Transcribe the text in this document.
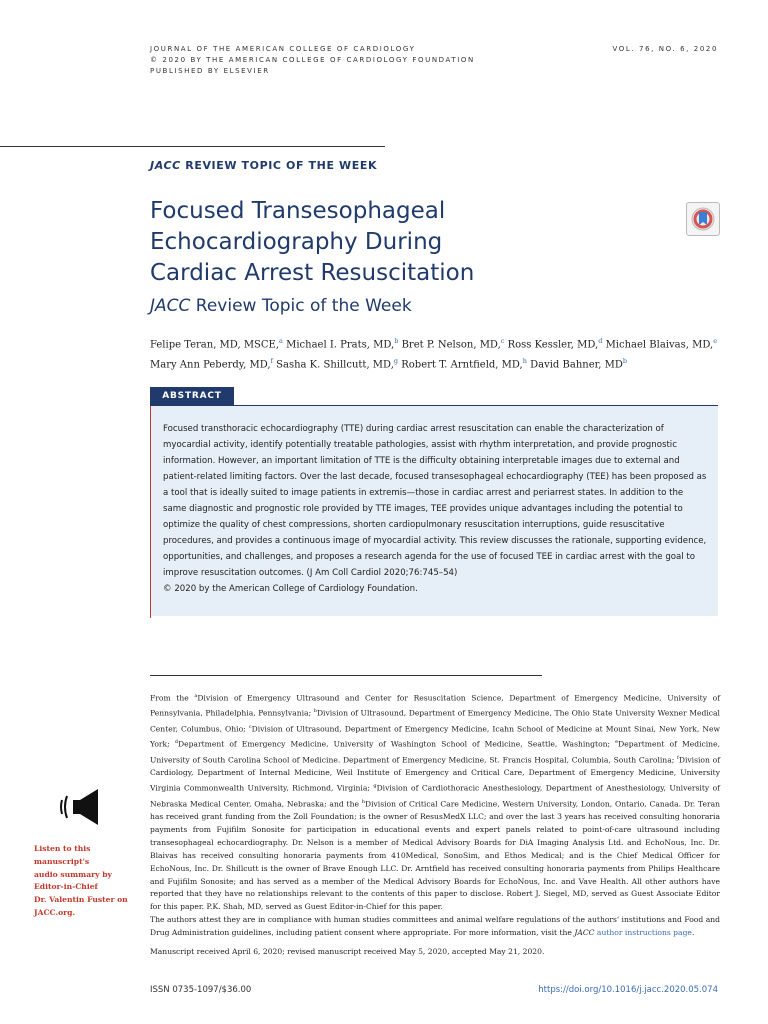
JOURNAL OF THE AMERICAN COLLEGE OF CARDIOLOGY
© 2020 BY THE AMERICAN COLLEGE OF CARDIOLOGY FOUNDATION
PUBLISHED BY ELSEVIER
VOL. 76, NO. 6, 2020
JACC REVIEW TOPIC OF THE WEEK
Focused Transesophageal
Echocardiography During
Cardiac Arrest Resuscitation
JACC Review Topic of the Week
Felipe Teran, MD, MSCE,$^a$ Michael I. Prats, MD,$^b$ Bret P. Nelson, MD,$^c$ Ross Kessler, MD,$^d$ Michael Blaivas, MD,$^e$
Mary Ann Peberdy, MD,$^f$ Sasha K. Shillcutt, MD,$^g$ Robert T. Arntfield, MD,$^h$ David Bahner, $MD^b$
ABSTRACT

Focused transthoracic echocardiography (TTE) during cardiac arrest resuscitation can enable the characterization of myocardial activity, identify potentially treatable pathologies, assist with rhythm interpretation, and provide prognostic information. However, an important limitation of TTE is the difficulty obtaining interpretable images due to external and patient-related limiting factors. Over the last decade, focused transesophageal echocardiography (TEE) has been proposed as a tool that is ideally suited to image patients in extremis—those in cardiac arrest and periarrest states. In addition to the same diagnostic and prognostic role provided by TTE images, TEE provides unique advantages including the potential to optimize the quality of chest compressions, shorten cardiopulmonary resuscitation interruptions, guide resuscitative procedures, and provides a continuous image of myocardial activity. This review discusses the rationale, supporting evidence, opportunities, and challenges, and proposes a research agenda for the use of focused TEE in cardiac arrest with the goal to improve resuscitation outcomes. (J Am Coll Cardiol 2020;76:745–54)

© 2020 by the American College of Cardiology Foundation.

From the $^a$Division of Emergency Ultrasound and Center for Resuscitation Science, Department of Emergency Medicine, University of Pennsylvania, Philadelphia, Pennsylvania; $^b$Division of Ultrasound, Department of Emergency Medicine, The Ohio State University Wexner Medical Center, Columbus, Ohio; $^c$Division of Ultrasound, Department of Emergency Medicine, Icahn School of Medicine at Mount Sinai, New York, New York; $^d$Department of Emergency Medicine, University of Washington School of Medicine, Seattle, Washington; $^e$Department of Medicine, University of South Carolina School of Medicine. Department of Emergency Medicine, St. Francis Hospital, Columbia, South Carolina; $^f$Division of Cardiology, Department of Internal Medicine, Weil Institute of Emergency and Critical Care, Department of Emergency Medicine, University Virginia Commonwealth University, Richmond, Virginia; $^g$Division of Cardiothoracic Anesthesiology, Department of Anesthesiology, University of Nebraska Medical Center, Omaha, Nebraska; and the $^h$Division of Critical Care Medicine, Western University, London, Ontario, Canada. Dr. Teran has received grant funding from the Zoll Foundation; is the owner of ResusMedX LLC; and over the last 3 years has received consulting honoraria payments from Fujifilm Sonosite for participation in educational events and expert panels related to point-of-care ultrasound including transesophageal echocardiography. Dr. Nelson is a member of Medical Advisory Boards for DiA Imaging Analysis Ltd. and EchoNous, Inc. Dr. Blaivas has received consulting honoraria payments from 410Medical, SonoSim, and Ethos Medical; and is the Chief Medical Officer for EchoNous, Inc. Dr. Shillcutt is the owner of Brave Enough LLC. Dr. Arntfield has received consulting honoraria payments from Philips Healthcare and Fujifilm Sonosite; and has served as a member of the Medical Advisory Boards for EchoNous, Inc. and Vave Health. All other authors have reported that they have no relationships relevant to the contents of this paper to disclose. Robert J. Siegel, MD, served as Guest Associate Editor for this paper. P.K. Shah, MD, served as Guest Editor-in-Chief for this paper.

The authors attest they are in compliance with human studies committees and animal welfare regulations of the authors' institutions and Food and Drug Administration guidelines, including patient consent where appropriate. For more information, visit the JACC author instructions page.

Manuscript received April 6, 2020; revised manuscript received May 5, 2020, accepted May 21, 2020.

Listen to this manuscript's
audio summary by
Editor-in-Chief
Dr. Valentin Fuster on
JACC.org.
ISSN 0735-1097/$36.00	https://doi.org/10.1016/j.jacc.2020.05.074
